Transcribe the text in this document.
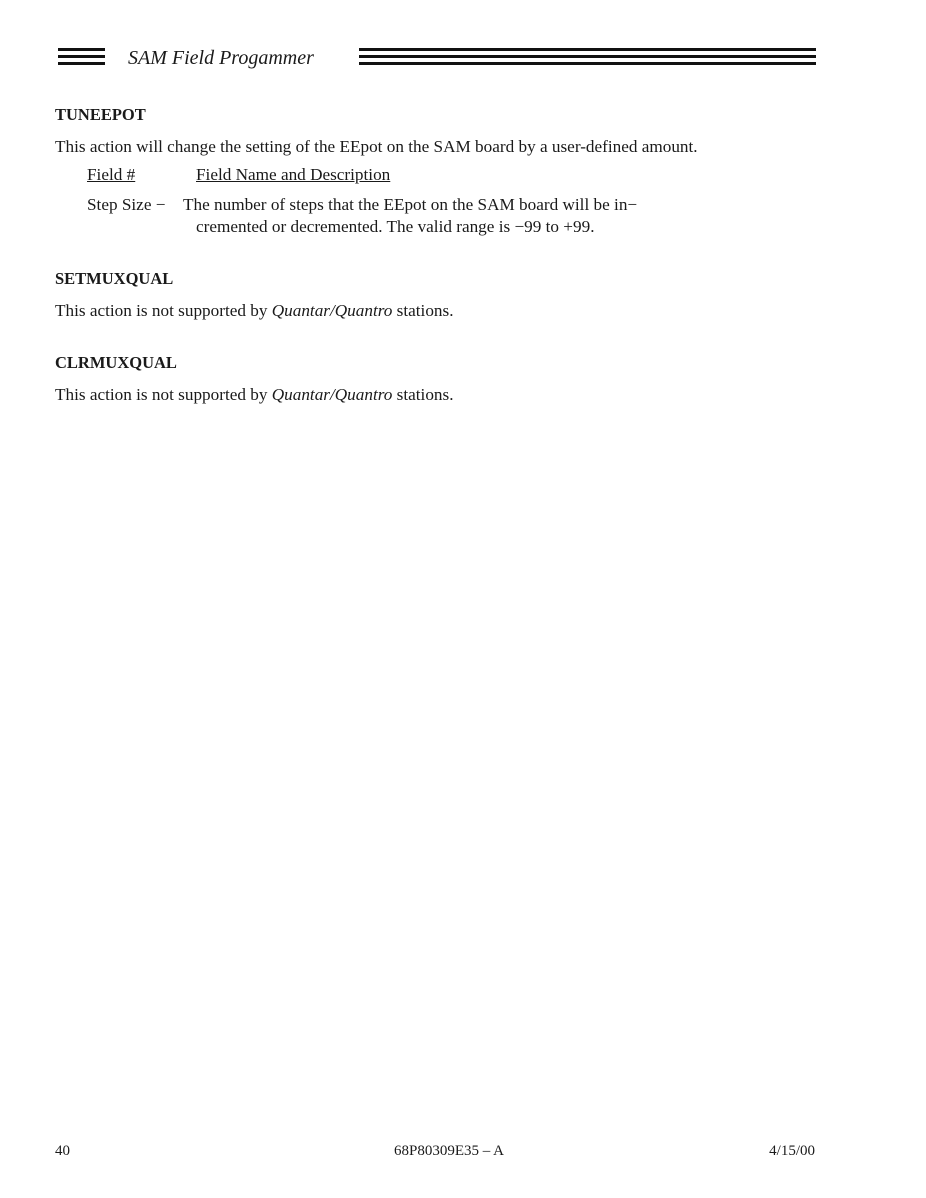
SAM Field Progammer
TUNEEPOT

This action will change the setting of the EEpot on the SAM board by a user-defined amount.

Field #	Field Name and Description
Step Size − The number of steps that the EEpot on the SAM board will be in−
cremented or decremented. The valid range is −99 to +99.
SETMUXQUAL

This action is not supported by Quantar/Quantro stations.

CLRMUXQUAL

This action is not supported by Quantar/Quantro stations.

40	68P80309E35 – A	4/15/00
